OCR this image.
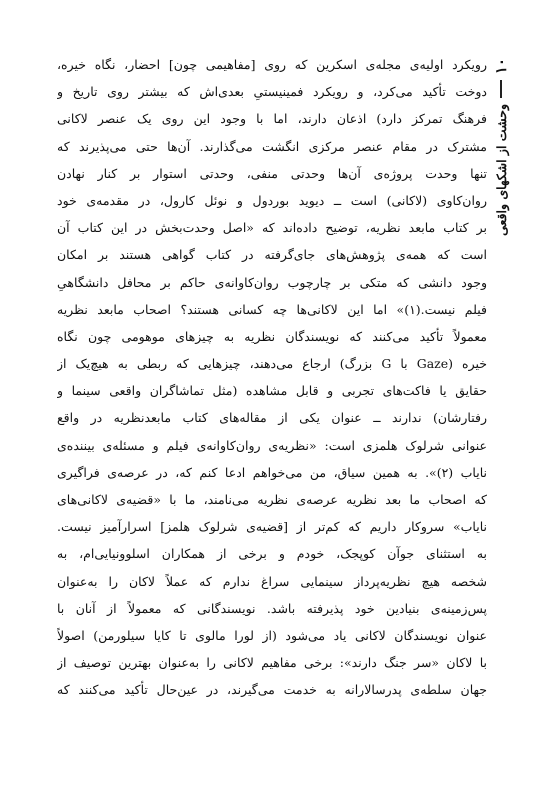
۱۰
وحشت از اشکهای واقعی
رویکرد اولیه‌ی مجله‌ی اسکرین که روی [مفاهیمی چون] احضار، نگاه خیره،
دوخت تأکید می‌کرد، و رویکرد فمینیستیِ بعدی‌اش که بیشتر روی تاریخ و
فرهنگ تمرکز دارد) اذعان دارند، اما با وجود این روی یک عنصر لاکانی
مشترک در مقام عنصر مرکزی انگشت می‌گذارند. آن‌ها حتی می‌پذیرند که
تنها وحدت پروژه‌ی آن‌ها وحدتی منفی، وحدتی استوار بر کنار نهادن
روان‌کاوی (لاکانی) است ــ دیوید بوردول و نوئل کارول، در مقدمه‌ی خود
بر کتاب مابعد نظریه، توضیح داده‌اند که «اصل وحدت‌بخش در این کتاب آن
است که همه‌ی پژوهش‌های جای‌گرفته در کتاب گواهی هستند بر امکان
وجود دانشی که متکی بر چارچوب روان‌کاوانه‌ی حاکم بر محافل دانشگاهیِ
فیلم نیست.(۱)» اما این لاکانی‌ها چه کسانی هستند؟ اصحاب مابعد نظریه
معمولاً تأکید می‌کنند که نویسندگان نظریه به چیزهای موهومی چون نگاه
خیره (Gaze با G بزرگ) ارجاع می‌دهند، چیزهایی که ربطی به هیچ‌یک از
حقایق یا فاکت‌های تجربی و قابل مشاهده (مثل تماشاگران واقعی سینما و
رفتارشان) ندارند ــ عنوان یکی از مقاله‌های کتاب مابعدنظریه در واقع
عنوانی شرلوک هلمزی است: «نظریه‌ی روان‌کاوانه‌ی فیلم و مسئله‌ی بیننده‌ی
نایاب (۲)». به همین سیاق، من می‌خواهم ادعا کنم که، در عرصه‌ی فراگیری
که اصحاب ما بعد نظریه عرصه‌ی نظریه می‌نامند، ما با «قضیه‌ی لاکانی‌های
نایاب» سروکار داریم که کم‌تر از [قضیه‌ی شرلوک هلمز] اسرارآمیز نیست.
به استثنای جوآن کوپجک، خودم و برخی از همکاران اسلوونیایی‌ام، به
شخصه هیچ نظریه‌پرداز سینمایی سراغ ندارم که عملاً لاکان را به‌عنوان
پس‌زمینه‌ی بنیادین خود پذیرفته باشد. نویسندگانی که معمولاً از آنان با
عنوان نویسندگان لاکانی یاد می‌شود (از لورا مالوی تا کایا سیلورمن) اصولاً
با لاکان «سر جنگ دارند»: برخی مفاهیم لاکانی را به‌عنوان بهترین توصیف از
جهان سلطه‌ی پدرسالارانه به خدمت می‌گیرند، در عین‌حال تأکید می‌کنند که
